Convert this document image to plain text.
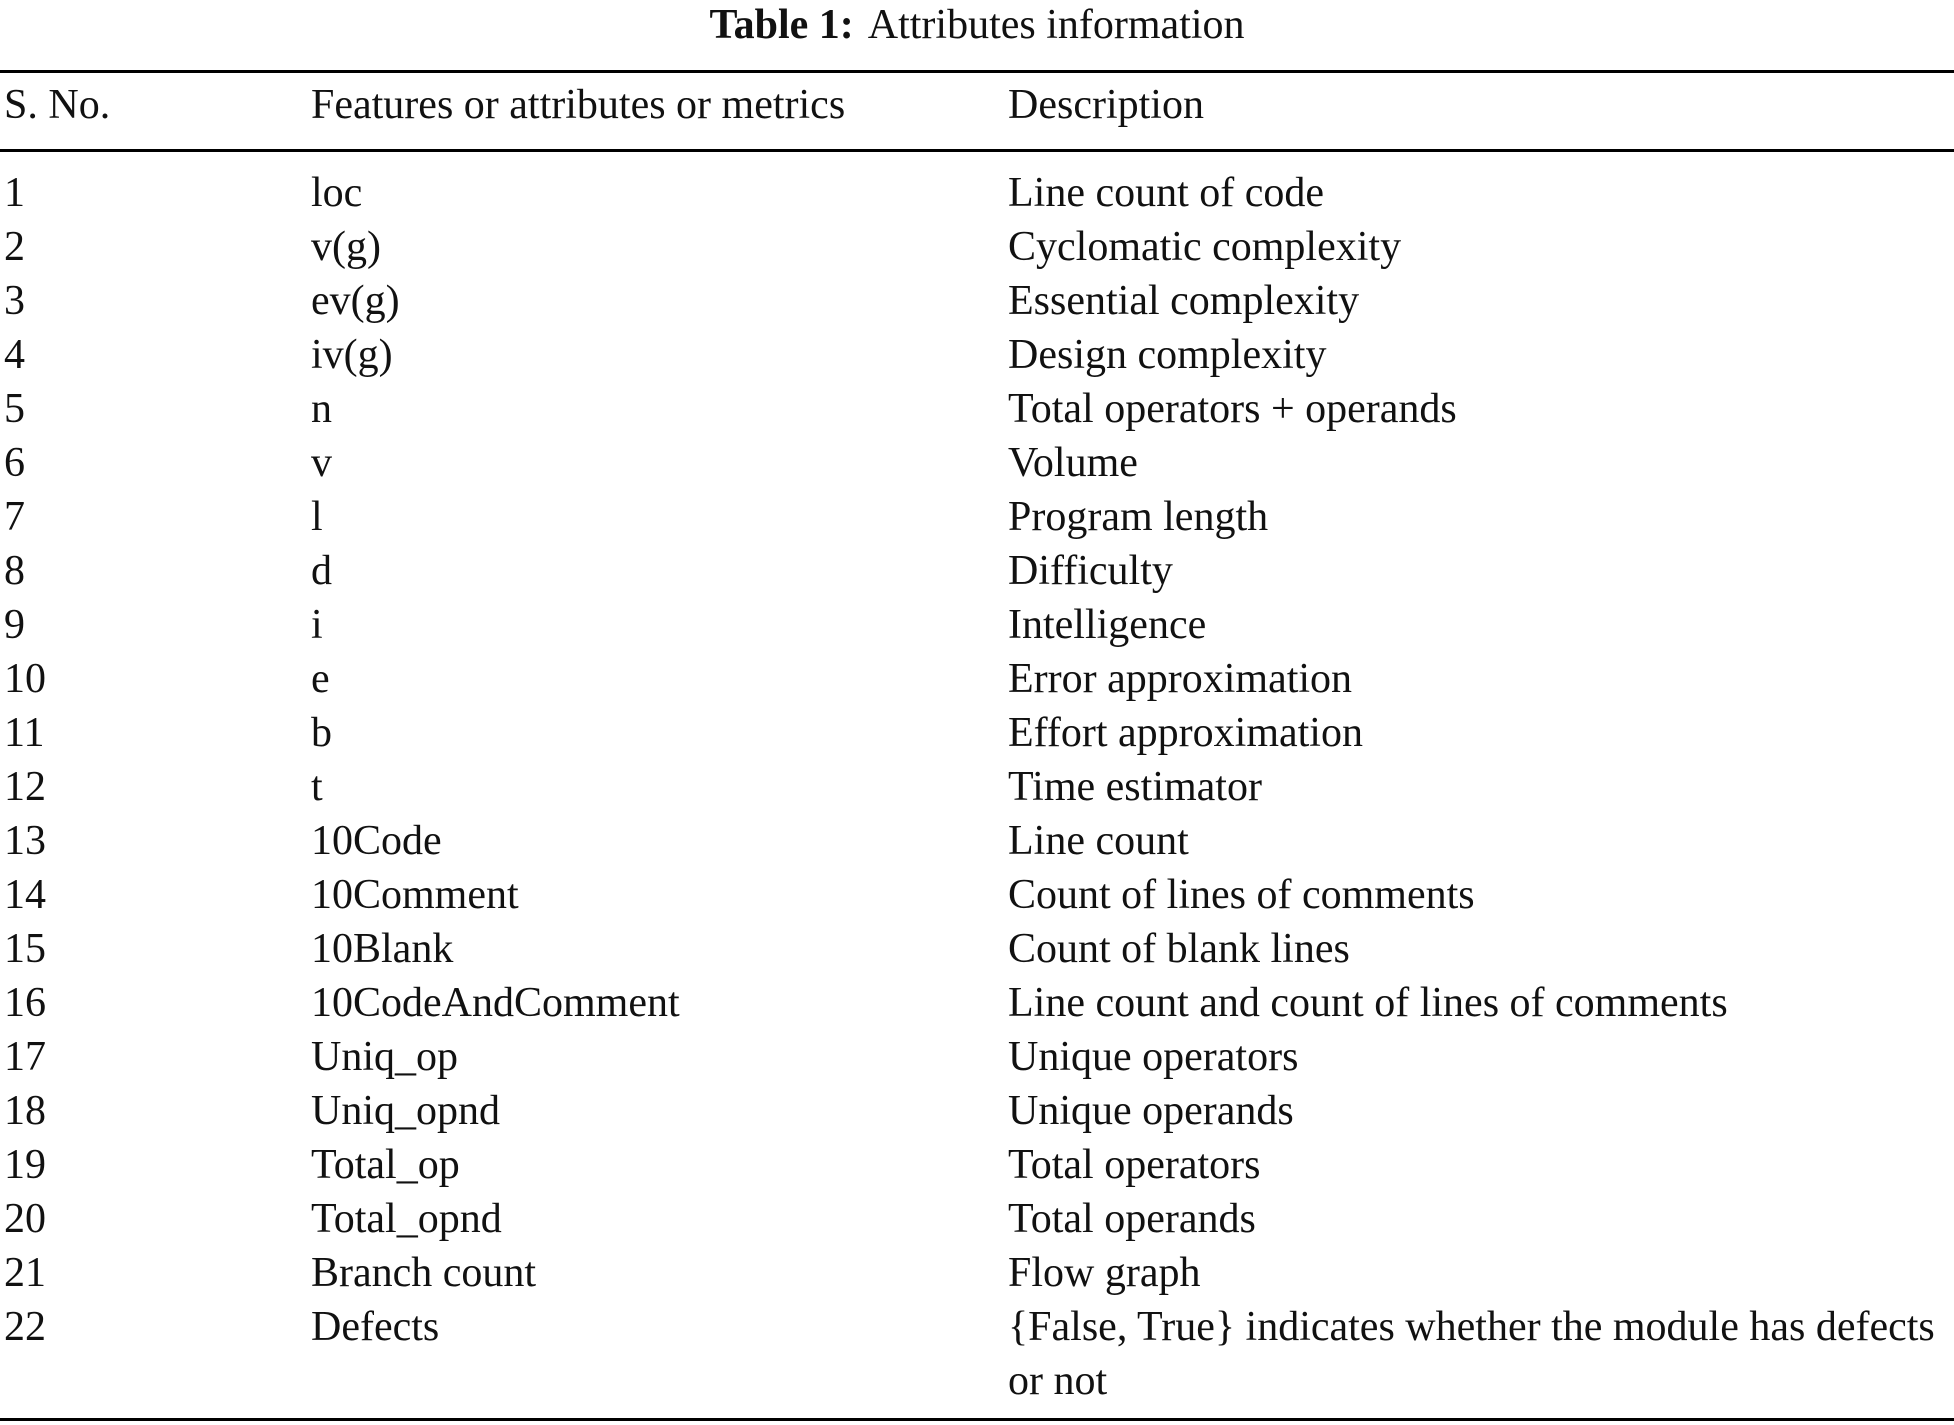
Table 1: Attributes information
S. No.	Features or attributes or metrics	Description
1	loc	Line count of code
2	v(g)	Cyclomatic complexity
3	ev(g)	Essential complexity
4	iv(g)	Design complexity
5	n	Total operators + operands
6	v	Volume
7	l	Program length
8	d	Difficulty
9	i	Intelligence
10	e	Error approximation
11	b	Effort approximation
12	t	Time estimator
13	10Code	Line count
14	10Comment	Count of lines of comments
15	10Blank	Count of blank lines
16	10CodeAndComment	Line count and count of lines of comments
17	Uniq_op	Unique operators
18	Uniq_opnd	Unique operands
19	Total_op	Total operators
20	Total_opnd	Total operands
21	Branch count	Flow graph
22	Defects	{False, True} indicates whether the module has defects or not
